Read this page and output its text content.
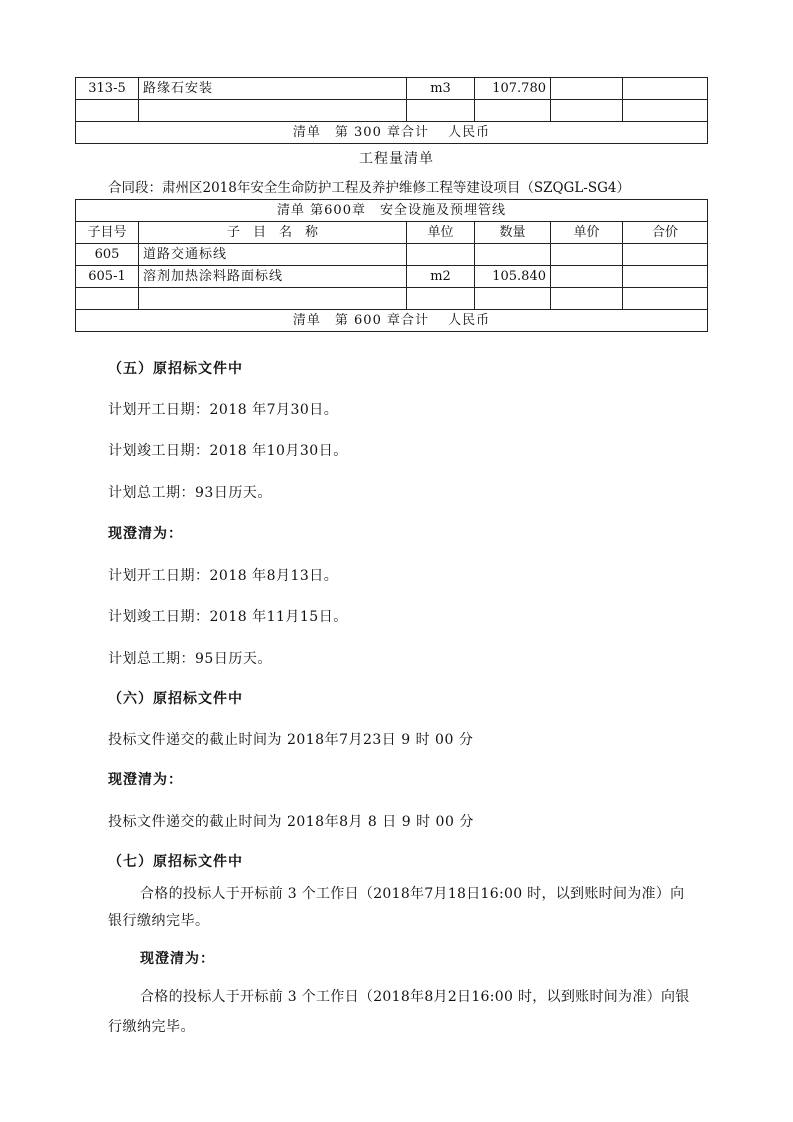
313-5	路缘石安装	m3	107.780		

清单　第 300 章合计　 人民币					
工程量清单
合同段：肃州区2018年安全生命防护工程及养护维修工程等建设项目（SZQGL-SG4）
清单 第600章　安全设施及预埋管线					
子目号	子　目　名　称	单位	数量	单价	合价
605	道路交通标线				
605-1	溶剂加热涂料路面标线	m2	105.840		

清单　第 600 章合计　 人民币					
（五）原招标文件中
计划开工日期：2018 年7月30日。
计划竣工日期：2018 年10月30日。
计划总工期：93日历天。
现澄清为：
计划开工日期：2018 年8月13日。
计划竣工日期：2018 年11月15日。
计划总工期：95日历天。
（六）原招标文件中
投标文件递交的截止时间为 2018年7月23日 9 时 00 分
现澄清为：
投标文件递交的截止时间为 2018年8月 8 日 9 时 00 分
（七）原招标文件中
合格的投标人于开标前 3 个工作日（2018年7月18日16:00 时，以到账时间为准）向
银行缴纳完毕。
现澄清为：
合格的投标人于开标前 3 个工作日（2018年8月2日16:00 时，以到账时间为准）向银
行缴纳完毕。
